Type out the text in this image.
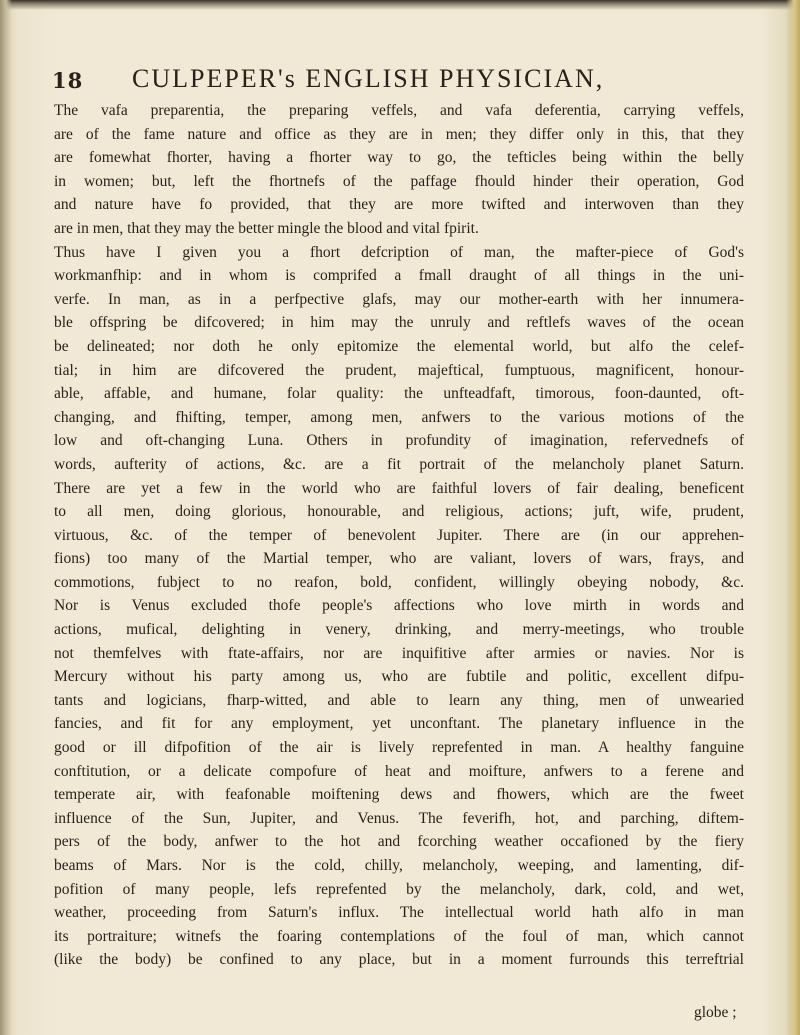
18 CULPEPER's ENGLISH PHYSICIAN,
The vafa preparentia, the preparing veffels, and vafa deferentia, carrying veffels,
are of the fame nature and office as they are in men; they differ only in this, that they
are fomewhat fhorter, having a fhorter way to go, the tefticles being within the belly
in women; but, left the fhortnefs of the paffage fhould hinder their operation, God
and nature have fo provided, that they are more twifted and interwoven than they
are in men, that they may the better mingle the blood and vital fpirit.
Thus have I given you a fhort defcription of man, the mafter-piece of God's
workmanfhip: and in whom is comprifed a fmall draught of all things in the uni-
verfe. In man, as in a perfpective glafs, may our mother-earth with her innumera-
ble offspring be difcovered; in him may the unruly and reftlefs waves of the ocean
be delineated; nor doth he only epitomize the elemental world, but alfo the celef-
tial; in him are difcovered the prudent, majeftical, fumptuous, magnificent, honour-
able, affable, and humane, folar quality: the unfteadfaft, timorous, foon-daunted, oft-
changing, and fhifting, temper, among men, anfwers to the various motions of the
low and oft-changing Luna. Others in profundity of imagination, refervednefs of
words, aufterity of actions, &c. are a fit portrait of the melancholy planet Saturn.
There are yet a few in the world who are faithful lovers of fair dealing, beneficent
to all men, doing glorious, honourable, and religious, actions; juft, wife, prudent,
virtuous, &c. of the temper of benevolent Jupiter. There are (in our apprehen-
fions) too many of the Martial temper, who are valiant, lovers of wars, frays, and
commotions, fubject to no reafon, bold, confident, willingly obeying nobody, &c.
Nor is Venus excluded thofe people's affections who love mirth in words and
actions, mufical, delighting in venery, drinking, and merry-meetings, who trouble
not themfelves with ftate-affairs, nor are inquifitive after armies or navies. Nor is
Mercury without his party among us, who are fubtile and politic, excellent difpu-
tants and logicians, fharp-witted, and able to learn any thing, men of unwearied
fancies, and fit for any employment, yet unconftant. The planetary influence in the
good or ill difpofition of the air is lively reprefented in man. A healthy fanguine
conftitution, or a delicate compofure of heat and moifture, anfwers to a ferene and
temperate air, with feafonable moiftening dews and fhowers, which are the fweet
influence of the Sun, Jupiter, and Venus. The feverifh, hot, and parching, diftem-
pers of the body, anfwer to the hot and fcorching weather occafioned by the fiery
beams of Mars. Nor is the cold, chilly, melancholy, weeping, and lamenting, dif-
pofition of many people, lefs reprefented by the melancholy, dark, cold, and wet,
weather, proceeding from Saturn's influx. The intellectual world hath alfo in man
its portraiture; witnefs the foaring contemplations of the foul of man, which cannot
(like the body) be confined to any place, but in a moment furrounds this terreftrial
globe ;
